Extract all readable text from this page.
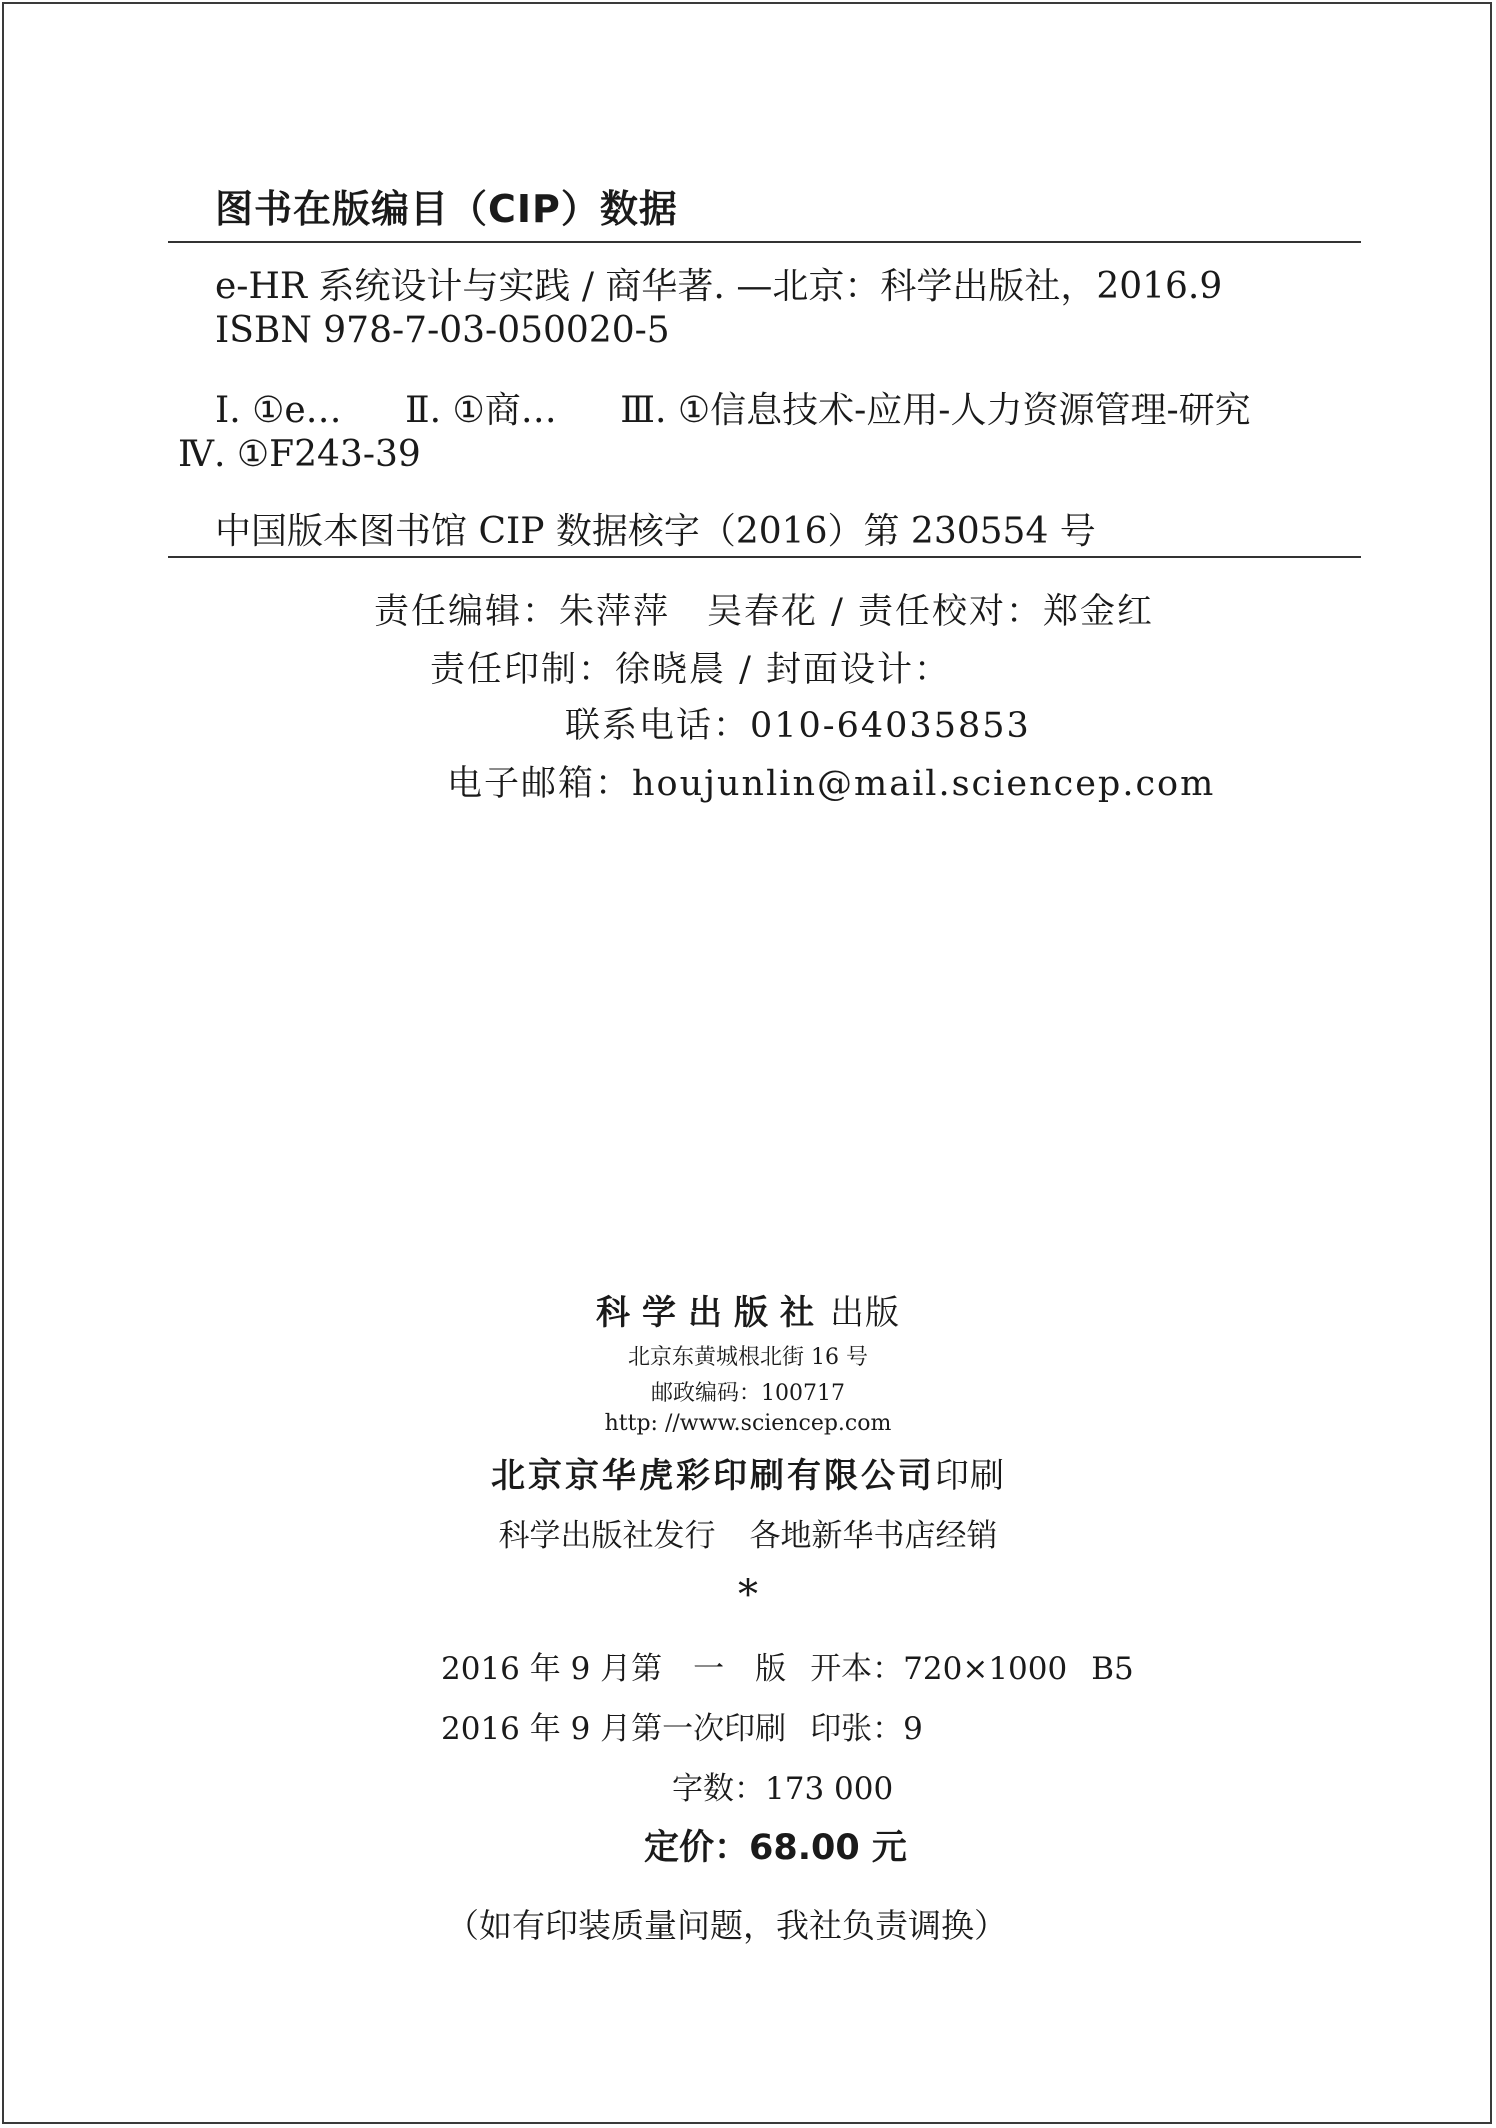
图书在版编目（CIP）数据
e-HR 系统设计与实践 / 商华著. —北京：科学出版社，2016.9
ISBN 978-7-03-050020-5
Ⅰ. ①e… Ⅱ. ①商… Ⅲ. ①信息技术-应用-人力资源管理-研究
Ⅳ. ①F243-39
中国版本图书馆 CIP 数据核字（2016）第 230554 号
责任编辑：朱萍萍　吴春花 / 责任校对：郑金红
责任印制：徐晓晨 / 封面设计：
联系电话：010-64035853
电子邮箱：houjunlin@mail.sciencep.com
科学出版社 出版
北京东黄城根北街 16 号
邮政编码：100717
http: //www.sciencep.com
北京京华虎彩印刷有限公司印刷
科学出版社发行 各地新华书店经销
*
2016 年 9 月第　一　版 开本：720×1000 B5
2016 年 9 月第一次印刷 印张：9
字数：173 000
定价：68.00 元
（如有印装质量问题，我社负责调换）
